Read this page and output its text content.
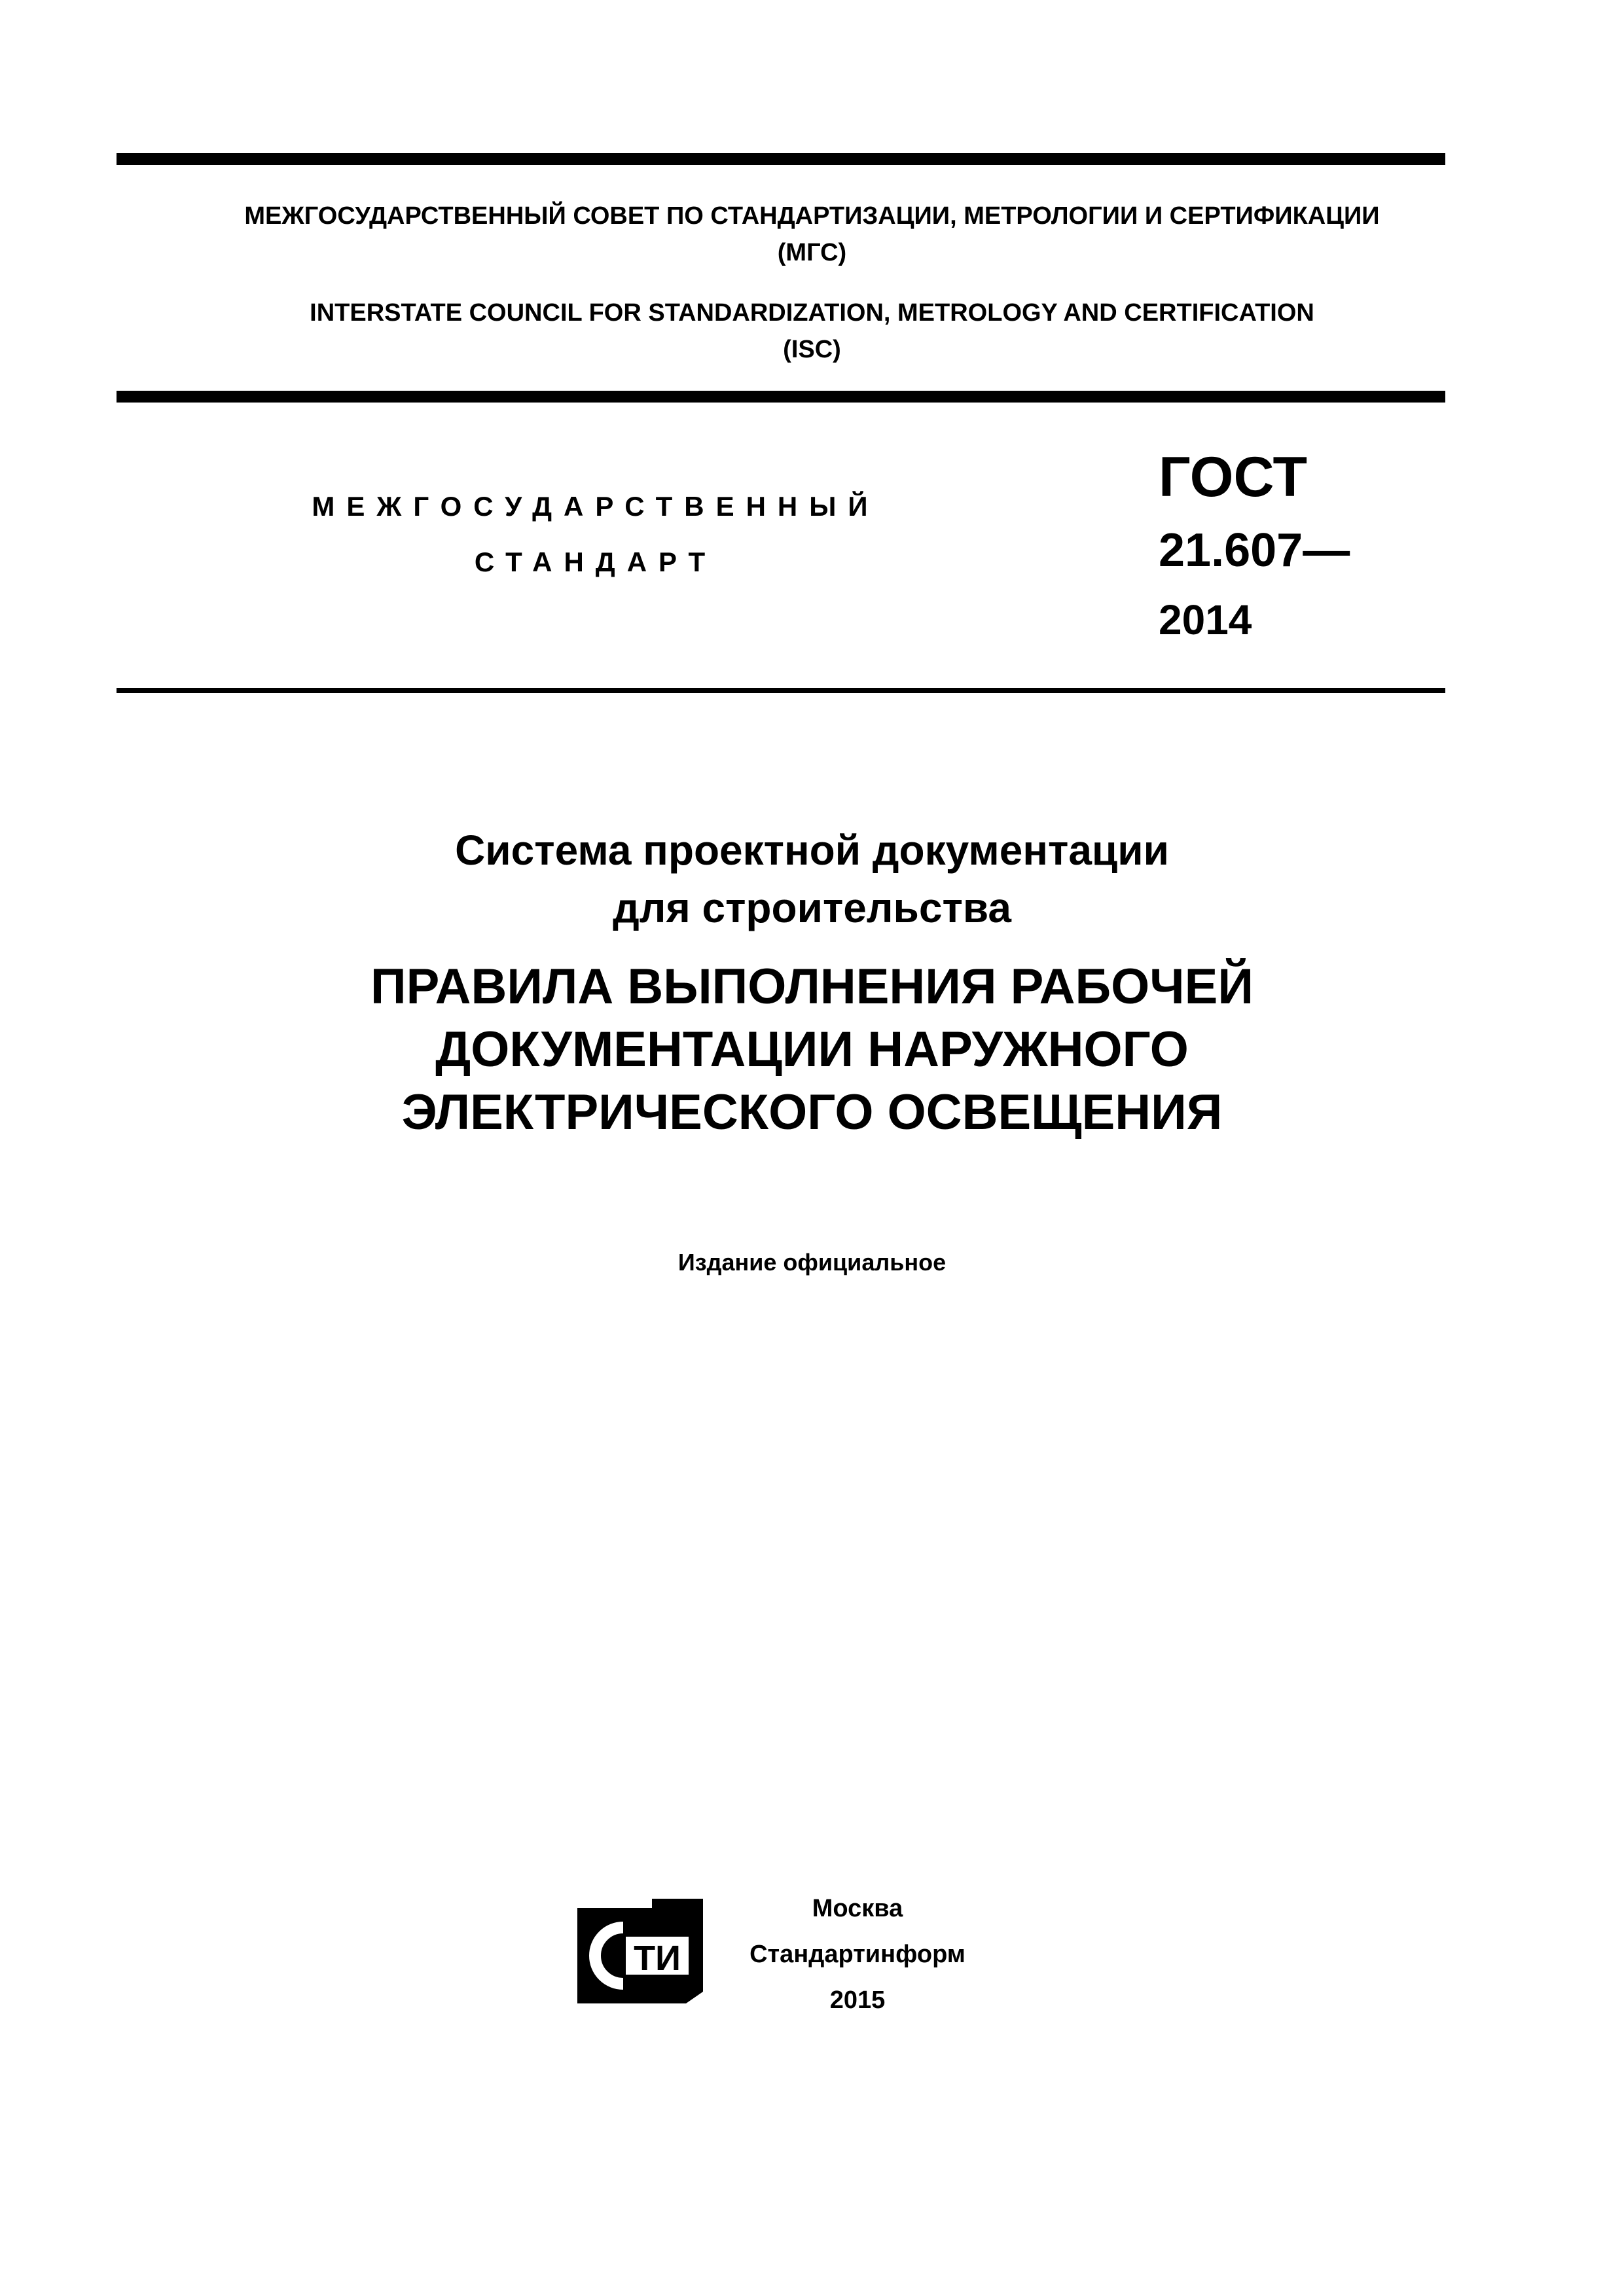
МЕЖГОСУДАРСТВЕННЫЙ СОВЕТ ПО СТАНДАРТИЗАЦИИ, МЕТРОЛОГИИ И СЕРТИФИКАЦИИ
(МГС)
INTERSTATE COUNCIL FOR STANDARDIZATION, METROLOGY AND CERTIFICATION
(ISC)
МЕЖГОСУДАРСТВЕННЫЙ
СТАНДАРТ
ГОСТ
21.607—
2014
Система проектной документации
для строительства
ПРАВИЛА ВЫПОЛНЕНИЯ РАБОЧЕЙ
ДОКУМЕНТАЦИИ НАРУЖНОГО
ЭЛЕКТРИЧЕСКОГО ОСВЕЩЕНИЯ
Издание официальное
ТИ
Москва
Стандартинформ
2015
